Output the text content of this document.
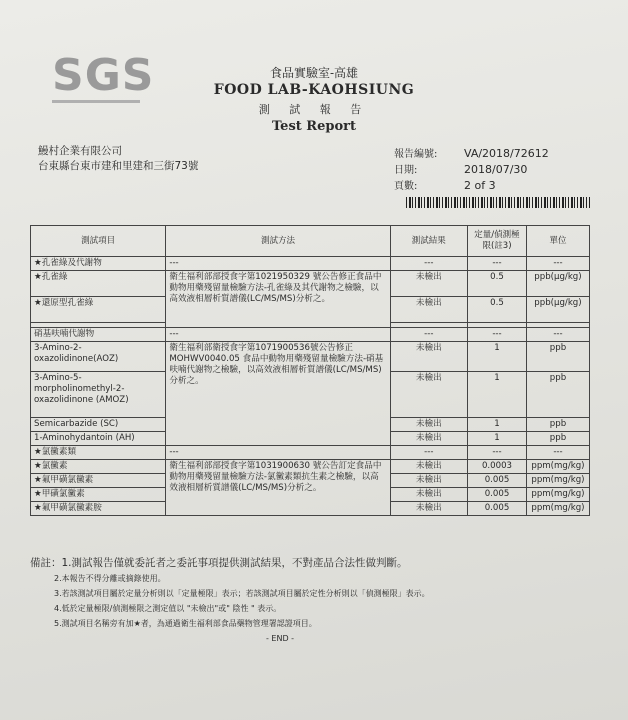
SGS	食品實驗室-高雄
FOOD LAB-KAOHSIUNG
測 試 報 告
Test Report
鰻村企業有限公司
台東縣台東市建和里建和三街73號
報告編號: VA/2018/72612
日期:	2018/07/30
頁數:	2 of 3
測試項目	測試方法	測試結果	定量/偵測極限(註3)	單位
★孔雀綠及代謝物	---	---	---	---
★孔雀綠	衛生福利部部授食字第1021950329 號公告修正食品中動物用藥殘留量檢驗方法-孔雀綠及其代謝物之檢驗，以高效液相層析質譜儀(LC/MS/MS)分析之。	未檢出	0.5	ppb(μg/kg)
★還原型孔雀綠		未檢出	0.5	ppb(μg/kg)

硝基呋喃代謝物	---	---	---	---
3-Amino-2-oxazolidinone(AOZ)	衛生福利部衛授食字第1071900536號公告修正MOHWV0040.05 食品中動物用藥殘留量檢驗方法-硝基呋喃代謝物之檢驗，以高效液相層析質譜儀(LC/MS/MS)分析之。	未檢出	1	ppb
3-Amino-5-morpholinomethyl-2-oxazolidinone (AMOZ)		未檢出	1	ppb
Semicarbazide (SC)		未檢出	1	ppb
1-Aminohydantoin (AH)		未檢出	1	ppb
★氯黴素類	---	---	---	---
★氯黴素	衛生福利部部授食字第1031900630 號公告訂定食品中動物用藥殘留量檢驗方法-氯黴素類抗生素之檢驗，以高效液相層析質譜儀(LC/MS/MS)分析之。	未檢出	0.0003	ppm(mg/kg)
★氟甲磺氯黴素		未檢出	0.005	ppm(mg/kg)
★甲磺氯黴素		未檢出	0.005	ppm(mg/kg)
★氟甲磺氯黴素胺		未檢出	0.005	ppm(mg/kg)
備註：1.測試報告僅就委託者之委託事項提供測試結果，不對產品合法性做判斷。
2.本報告不得分離或摘錄使用。
3.若該測試項目屬於定量分析則以「定量極限」表示；若該測試項目屬於定性分析則以「偵測極限」表示。
4.低於定量極限/偵測極限之測定值以 "未檢出"或" 陰性 " 表示。
5.測試項目名稱旁有加★者，為通過衛生福利部食品藥物管理署認證項目。
- END -
